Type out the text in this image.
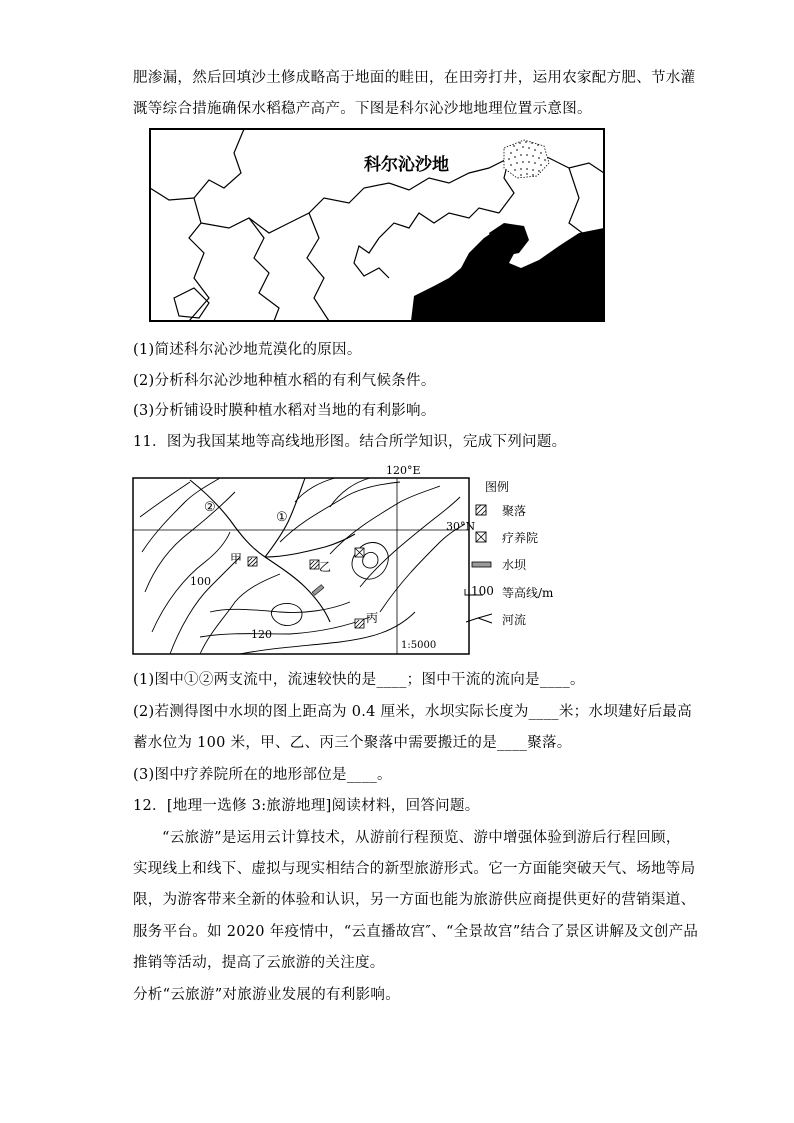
肥渗漏，然后回填沙土修成略高于地面的畦田，在田旁打井，运用农家配方肥、节水灌
溉等综合措施确保水稻稳产高产。下图是科尔沁沙地地理位置示意图。
科尔沁沙地
(1)简述科尔沁沙地荒漠化的原因。
(2)分析科尔沁沙地种植水稻的有利气候条件。
(3)分析铺设时膜种植水稻对当地的有利影响。
11．图为我国某地等高线地形图。结合所学知识，完成下列问题。
120°E
1:5000
甲
乙
丙
①
②
100
120
30°N
图例
聚落
疗养院
水坝
100 等高线/m
河流
(1)图中①②两支流中，流速较快的是____；图中干流的流向是____。
(2)若测得图中水坝的图上距高为 0.4 厘米，水坝实际长度为____米；水坝建好后最高
蓄水位为 100 米，甲、乙、丙三个聚落中需要搬迁的是____聚落。
(3)图中疗养院所在的地形部位是____。
12．[地理一选修 3:旅游地理]阅读材料，回答问题。
“云旅游”是运用云计算技术，从游前行程预览、游中增强体验到游后行程回顾，
实现线上和线下、虚拟与现实相结合的新型旅游形式。它一方面能突破天气、场地等局
限，为游客带来全新的体验和认识，另一方面也能为旅游供应商提供更好的营销渠道、
服务平台。如 2020 年疫情中，“云直播故宫″、“全景故宫”结合了景区讲解及文创产品
推销等活动，提高了云旅游的关注度。
分析“云旅游”对旅游业发展的有利影响。
